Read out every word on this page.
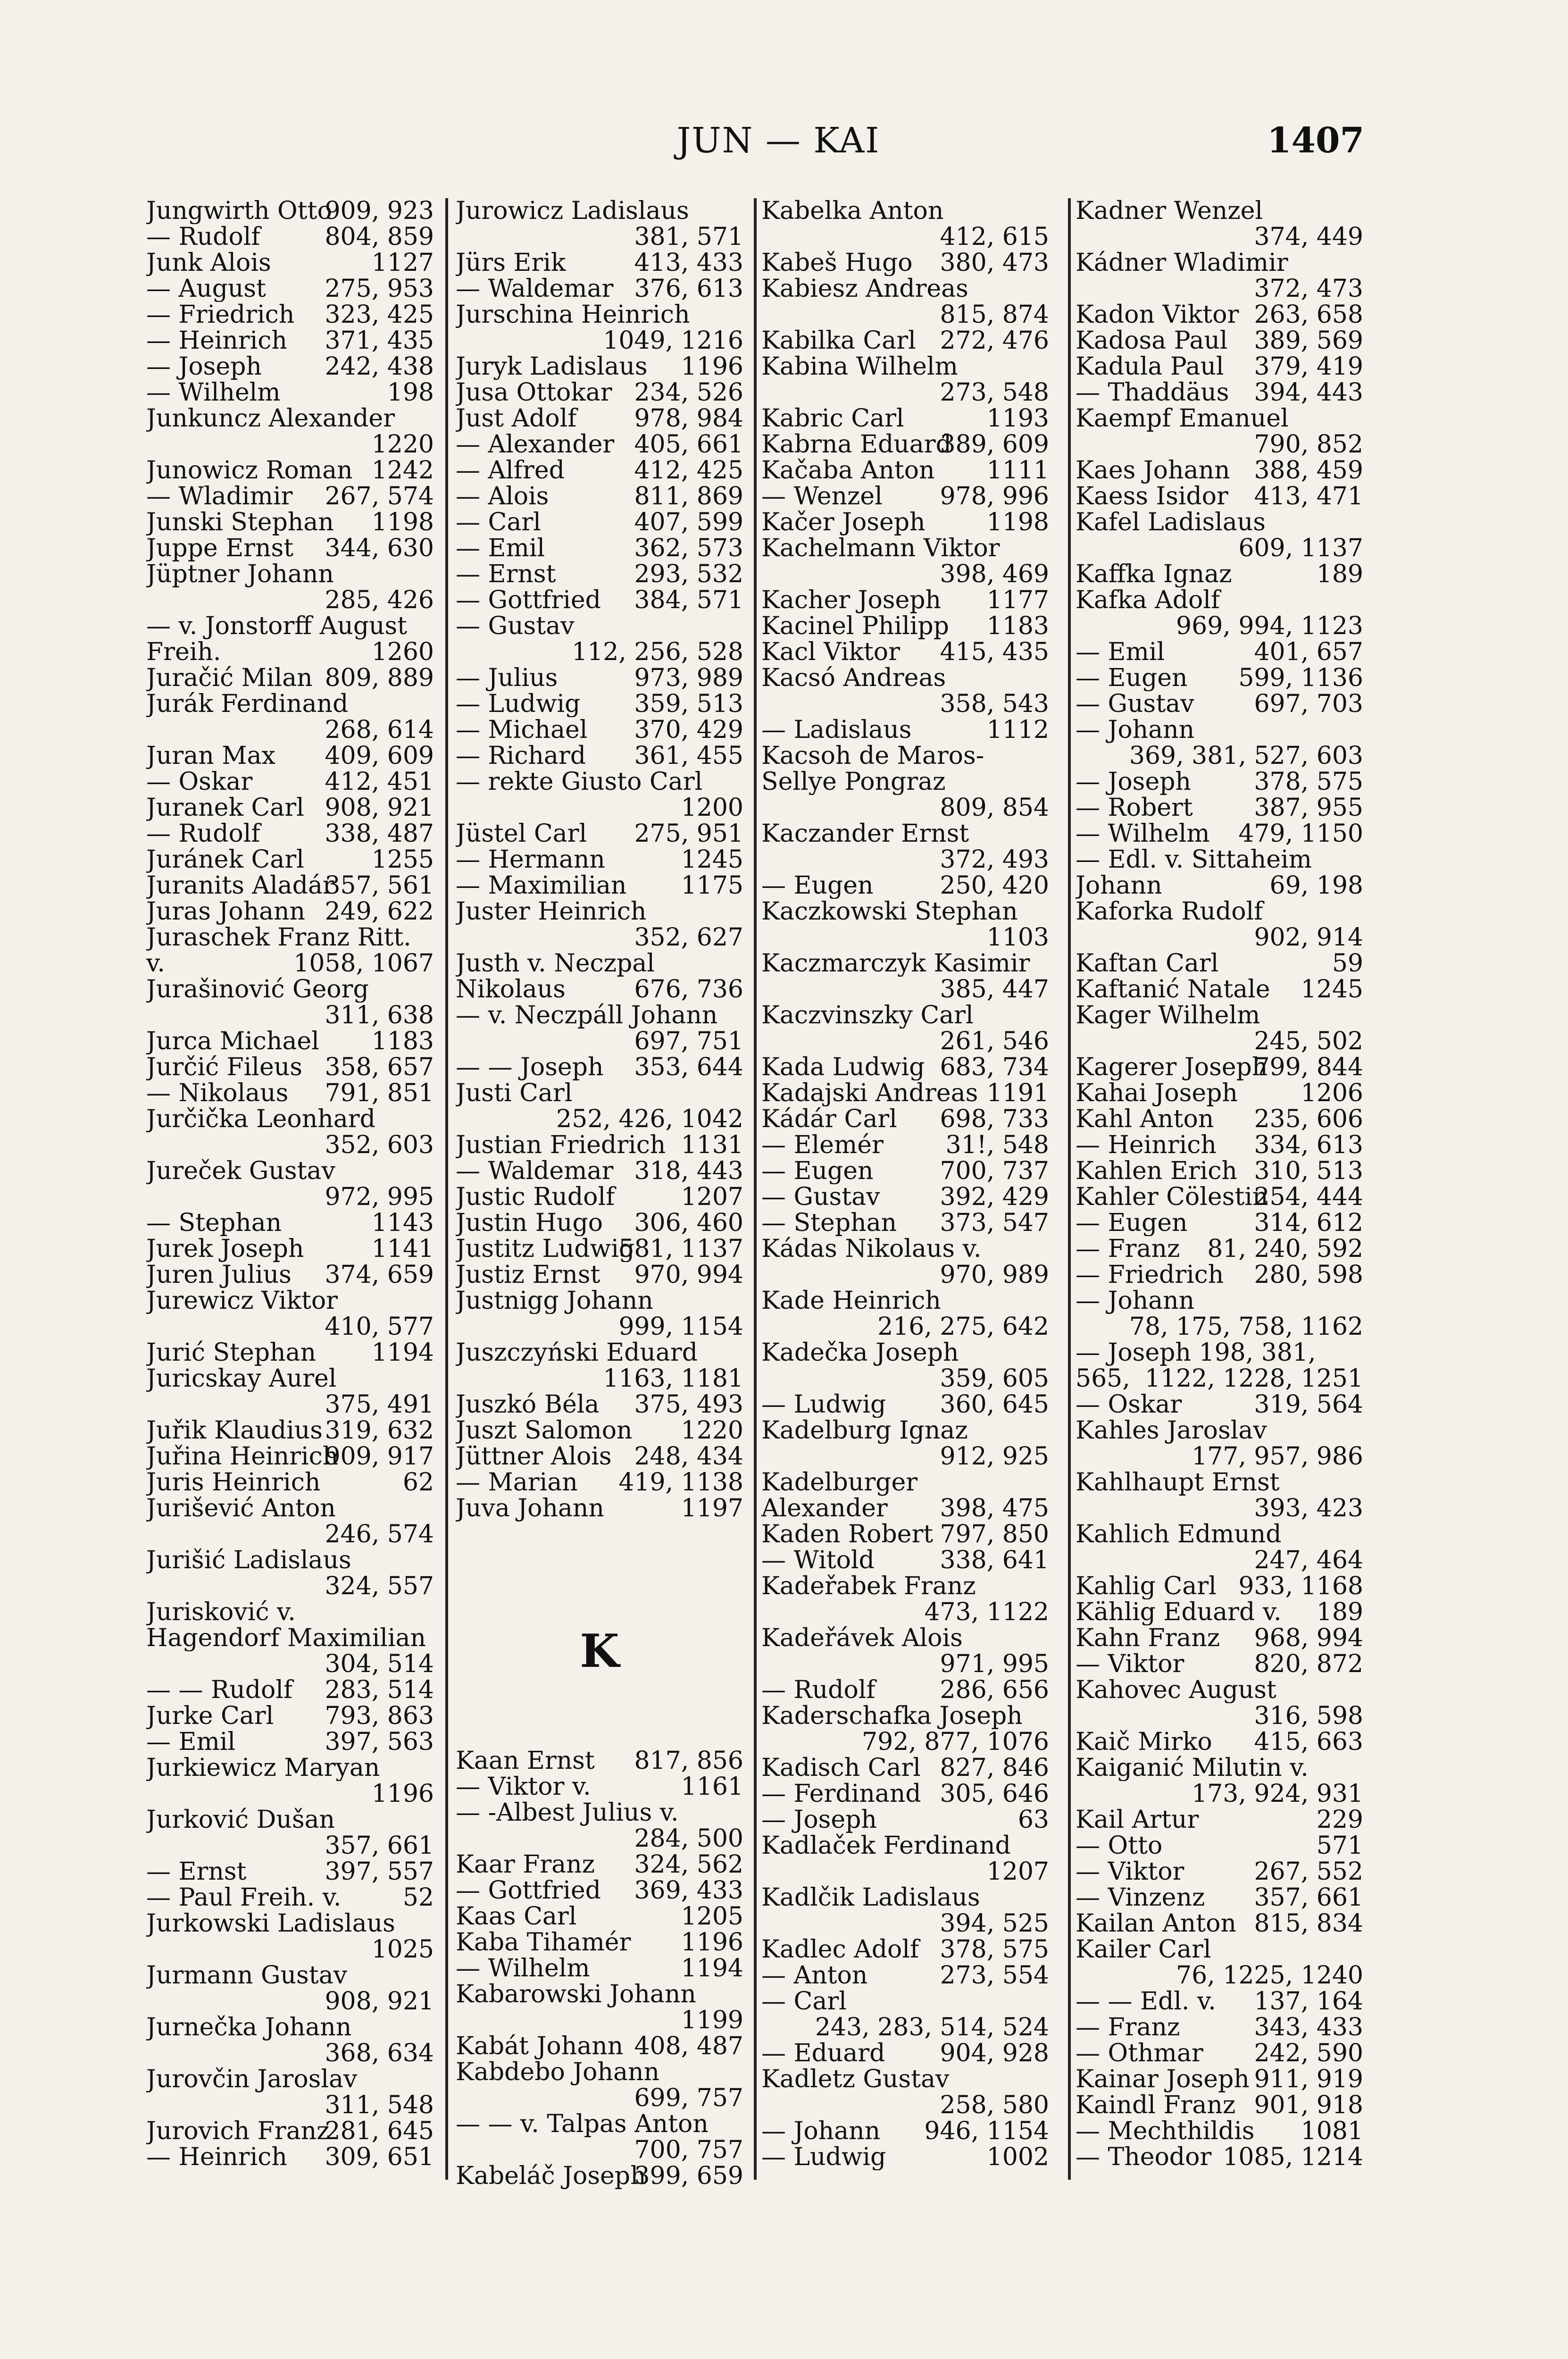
JUN — KAI	1407
Jungwirth Otto
909, 923
— Rudolf	804, 859
Junk Alois	1127
— August	275, 953
— Friedrich	323, 425
— Heinrich	371, 435
— Joseph	242, 438
— Wilhelm	198
Junkuncz Alexander
1220
Junowicz Roman 1242
— Wladimir	267, 574
Junski Stephan	1198
Juppe Ernst	344, 630
Jüptner Johann
285, 426
— v. Jonstorff August Freih.	1260
Juračić Milan 809, 889
Jurák Ferdinand
268, 614
Juran Max	409, 609
— Oskar	412, 451
Juranek Carl 908, 921
— Rudolf	338, 487
Juránek Carl	1255
Juranits Aladár
357, 561
Juras Johann 249, 622
Juraschek Franz Ritt. v.	1058, 1067
Jurašinović Georg
311, 638
Jurca Michael	1183
Jurčić Fileus 358, 657
— Nikolaus	791, 851
Jurčička Leonhard
352, 603
Jureček Gustav
972, 995
— Stephan	1143
Jurek Joseph	1141
Juren Julius	374, 659
Jurewicz Viktor
410, 577
Jurić Stephan	1194
Juricskay Aurel
375, 491
Juřik Klaudius 319, 632
Juřina Heinrich
909, 917
Juris Heinrich	62
Jurišević Anton
246, 574
Jurišić Ladislaus
324, 557
Jurisković v. Hagendorf Maximilian
304, 514
— — Rudolf	283, 514
Jurke Carl	793, 863
— Emil	397, 563
Jurkiewicz Maryan
1196
Jurković Dušan
357, 661
— Ernst	397, 557
— Paul Freih. v.	52
Jurkowski Ladislaus
1025
Jurmann Gustav
908, 921
Jurnečka Johann
368, 634
Jurovčin Jaroslav
311, 548
Jurovich Franz
281, 645
— Heinrich	309, 651
Jurowicz Ladislaus
381, 571
Jürs Erik	413, 433
— Waldemar 376, 613
Jurschina Heinrich
1049, 1216
Juryk Ladislaus	1196
Jusa Ottokar 234, 526
Just Adolf	978, 984
— Alexander 405, 661
— Alfred	412, 425
— Alois	811, 869
— Carl	407, 599
— Emil	362, 573
— Ernst	293, 532
— Gottfried	384, 571
— Gustav
112, 256, 528
— Julius	973, 989
— Ludwig	359, 513
— Michael	370, 429
— Richard	361, 455
— rekte Giusto Carl
1200
Jüstel Carl	275, 951
— Hermann	1245
— Maximilian	1175
Juster Heinrich
352, 627
Justh v. Neczpal Nikolaus	676, 736
— v. Neczpáll Johann
697, 751
— — Joseph	353, 644
Justi Carl
252, 426, 1042
Justian Friedrich 1131
— Waldemar 318, 443
Justic Rudolf	1207
Justin Hugo	306, 460
Justitz Ludwig
581, 1137
Justiz Ernst	970, 994
Justnigg Johann
999, 1154
Juszczyński Eduard
1163, 1181
Juszkó Béla	375, 493
Juszt Salomon	1220
Jüttner Alois 248, 434
— Marian	419, 1138
Juva Johann	1197
K
Kaan Ernst	817, 856
— Viktor v.	1161
— -Albest Julius v.
284, 500
Kaar Franz	324, 562
— Gottfried	369, 433
Kaas Carl	1205
Kaba Tihamér	1196
— Wilhelm	1194
Kabarowski Johann
1199
Kabát Johann 408, 487
Kabdebo Johann
699, 757
— — v. Talpas Anton
700, 757
Kabeláč Joseph
399, 659
Kabelka Anton
412, 615
Kabeš Hugo	380, 473
Kabiesz Andreas
815, 874
Kabilka Carl 272, 476
Kabina Wilhelm
273, 548
Kabric Carl	1193
Kabrna Eduard
389, 609
Kačaba Anton	1111
— Wenzel	978, 996
Kačer Joseph	1198
Kachelmann Viktor
398, 469
Kacher Joseph	1177
Kacinel Philipp	1183
Kacl Viktor	415, 435
Kacsó Andreas
358, 543
— Ladislaus	1112
Kacsoh de Maros-Sellye Pongraz
809, 854
Kaczander Ernst
372, 493
— Eugen	250, 420
Kaczkowski Stephan
1103
Kaczmarczyk Kasimir
385, 447
Kaczvinszky Carl
261, 546
Kada Ludwig 683, 734
Kadajski Andreas 1191
Kádár Carl	698, 733
— Elemér	31!, 548
— Eugen	700, 737
— Gustav	392, 429
— Stephan	373, 547
Kádas Nikolaus v.
970, 989
Kade Heinrich
216, 275, 642
Kadečka Joseph
359, 605
— Ludwig	360, 645
Kadelburg Ignaz
912, 925
Kadelburger Alexander	398, 475
Kaden Robert 797, 850
— Witold	338, 641
Kadeřabek Franz
473, 1122
Kadeřávek Alois
971, 995
— Rudolf	286, 656
Kaderschafka Joseph
792, 877, 1076
Kadisch Carl 827, 846
— Ferdinand 305, 646
— Joseph	63
Kadlaček Ferdinand
1207
Kadlčik Ladislaus
394, 525
Kadlec Adolf 378, 575
— Anton	273, 554
— Carl
243, 283, 514, 524
— Eduard	904, 928
Kadletz Gustav
258, 580
— Johann	946, 1154
— Ludwig	1002
Kadner Wenzel
374, 449
Kádner Wladimir
372, 473
Kadon Viktor 263, 658
Kadosa Paul	389, 569
Kadula Paul	379, 419
— Thaddäus	394, 443
Kaempf Emanuel
790, 852
Kaes Johann 388, 459
Kaess Isidor	413, 471
Kafel Ladislaus
609, 1137
Kaffka Ignaz	189
Kafka Adolf
969, 994, 1123
— Emil	401, 657
— Eugen	599, 1136
— Gustav	697, 703
— Johann
369, 381, 527, 603
— Joseph	378, 575
— Robert	387, 955
— Wilhelm	479, 1150
— Edl. v. Sittaheim Johann	69, 198
Kaforka Rudolf
902, 914
Kaftan Carl	59
Kaftanić Natale	1245
Kager Wilhelm
245, 502
Kagerer Joseph
799, 844
Kahai Joseph	1206
Kahl Anton	235, 606
— Heinrich	334, 613
Kahlen Erich 310, 513
Kahler Cölestin
254, 444
— Eugen	314, 612
— Franz	81, 240, 592
— Friedrich	280, 598
— Johann
78, 175, 758, 1162
— Joseph 198, 381, 565, 1122, 1228, 1251
— Oskar	319, 564
Kahles Jaroslav
177, 957, 986
Kahlhaupt Ernst
393, 423
Kahlich Edmund
247, 464
Kahlig Carl 933, 1168
Kählig Eduard v.	189
Kahn Franz	968, 994
— Viktor	820, 872
Kahovec August
316, 598
Kaič Mirko	415, 663
Kaiganić Milutin v.
173, 924, 931
Kail Artur	229
— Otto	571
— Viktor	267, 552
— Vinzenz	357, 661
Kailan Anton 815, 834
Kailer Carl
76, 1225, 1240
— — Edl. v.	137, 164
— Franz	343, 433
— Othmar	242, 590
Kainar Joseph 911, 919
Kaindl Franz 901, 918
— Mechthildis	1081
— Theodor 1085, 1214
